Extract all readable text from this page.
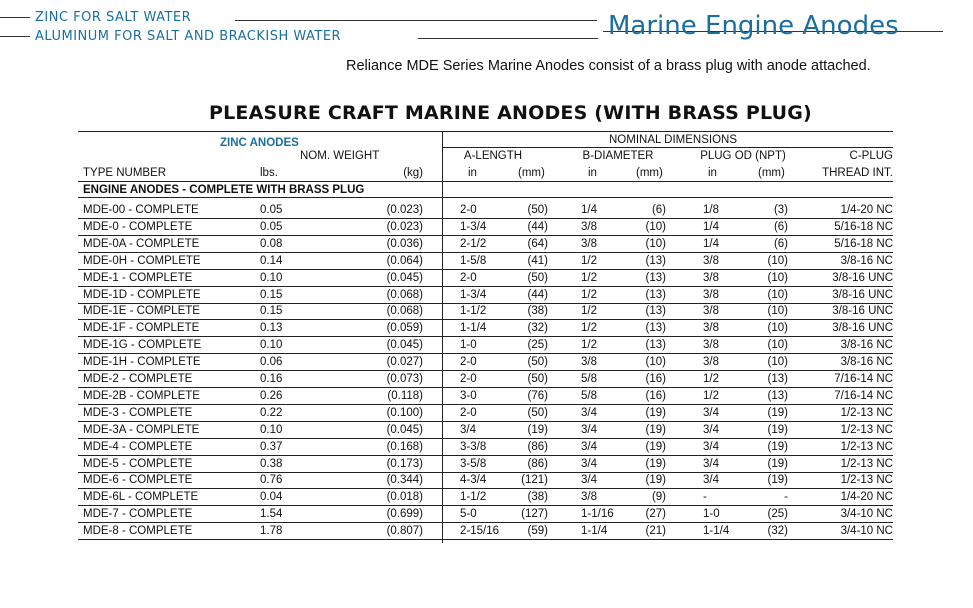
ZINC FOR SALT WATER
ALUMINUM FOR SALT AND BRACKISH WATER	Marine Engine Anodes
Reliance MDE Series Marine Anodes consist of a brass plug with anode attached.
PLEASURE CRAFT MARINE ANODES (WITH BRASS PLUG)
ZINC ANODES	NOMINAL DIMENSIONS
NOM. WEIGHT	A-LENGTH	B-DIAMETER	PLUG OD (NPT)	C-PLUG
TYPE NUMBER	lbs.	(kg)	in	(mm)	in	(mm)	in	(mm)	THREAD INT.
ENGINE ANODES - COMPLETE WITH BRASS PLUG
MDE-00 - COMPLETE	0.05	(0.023)	2-0	(50)	1/4	(6)	1/8	(3)	1/4-20 NC
MDE-0 - COMPLETE	0.05	(0.023)	1-3/4	(44)	3/8	(10)	1/4	(6)	5/16-18 NC
MDE-0A - COMPLETE	0.08	(0.036)	2-1/2	(64)	3/8	(10)	1/4	(6)	5/16-18 NC
MDE-0H - COMPLETE	0.14	(0.064)	1-5/8	(41)	1/2	(13)	3/8	(10)	3/8-16 NC
MDE-1 - COMPLETE	0.10	(0.045)	2-0	(50)	1/2	(13)	3/8	(10)	3/8-16 UNC
MDE-1D - COMPLETE	0.15	(0.068)	1-3/4	(44)	1/2	(13)	3/8	(10)	3/8-16 UNC
MDE-1E - COMPLETE	0.15	(0.068)	1-1/2	(38)	1/2	(13)	3/8	(10)	3/8-16 UNC
MDE-1F - COMPLETE	0.13	(0.059)	1-1/4	(32)	1/2	(13)	3/8	(10)	3/8-16 UNC
MDE-1G - COMPLETE	0.10	(0.045)	1-0	(25)	1/2	(13)	3/8	(10)	3/8-16 NC
MDE-1H - COMPLETE	0.06	(0.027)	2-0	(50)	3/8	(10)	3/8	(10)	3/8-16 NC
MDE-2 - COMPLETE	0.16	(0.073)	2-0	(50)	5/8	(16)	1/2	(13)	7/16-14 NC
MDE-2B - COMPLETE	0.26	(0.118)	3-0	(76)	5/8	(16)	1/2	(13)	7/16-14 NC
MDE-3 - COMPLETE	0.22	(0.100)	2-0	(50)	3/4	(19)	3/4	(19)	1/2-13 NC
MDE-3A - COMPLETE	0.10	(0.045)	3/4	(19)	3/4	(19)	3/4	(19)	1/2-13 NC
MDE-4 - COMPLETE	0.37	(0.168)	3-3/8	(86)	3/4	(19)	3/4	(19)	1/2-13 NC
MDE-5 - COMPLETE	0.38	(0.173)	3-5/8	(86)	3/4	(19)	3/4	(19)	1/2-13 NC
MDE-6 - COMPLETE	0.76	(0.344)	4-3/4	(121)	3/4	(19)	3/4	(19)	1/2-13 NC
MDE-6L - COMPLETE	0.04	(0.018)	1-1/2	(38)	3/8	(9)	-	-	1/4-20 NC
MDE-7 - COMPLETE	1.54	(0.699)	5-0	(127)	1-1/16	(27)	1-0	(25)	3/4-10 NC
MDE-8 - COMPLETE	1.78	(0.807)	2-15/16	(59)	1-1/4	(21)	1-1/4	(32)	3/4-10 NC
